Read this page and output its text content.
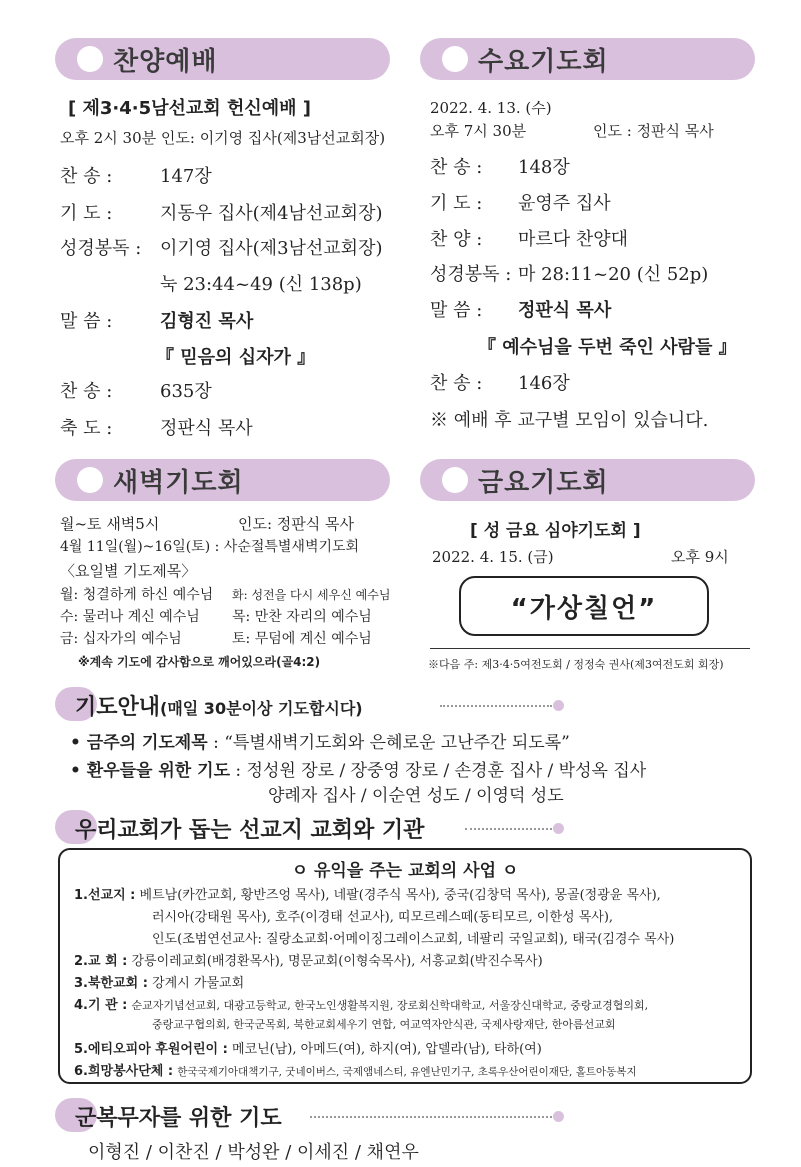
찬양예배
[ 제3·4·5남선교회 헌신예배 ]
오후 2시 30분 인도: 이기영 집사(제3남선교회장)
찬 송 :	147장
기 도 :	지동우 집사(제4남선교회장)
성경봉독 : 이기영 집사(제3남선교회장)
눅 23:44~49 (신 138p)
말 씀 :	김형진 목사
『 믿음의 십자가 』
찬 송 :	635장
축 도 :	정판식 목사
수요기도회
2022. 4. 13. (수)
오후 7시 30분	인도 : 정판식 목사
찬 송 : 148장
기 도 : 윤영주 집사
찬 양 : 마르다 찬양대
성경봉독 : 마 28:11~20 (신 52p)
말 씀 : 정판식 목사
『 예수님을 두번 죽인 사람들 』
찬 송 : 146장
※ 예배 후 교구별 모임이 있습니다.
새벽기도회
월~토 새벽5시	인도: 정판식 목사
4월 11일(월)~16일(토) : 사순절특별새벽기도회
〈요일별 기도제목〉
월: 청결하게 하신 예수님 화: 성전을 다시 세우신 예수님
수: 물러나 계신 예수님 목: 만찬 자리의 예수님
금: 십자가의 예수님	토: 무덤에 계신 예수님
※계속 기도에 감사함으로 깨어있으라(골4:2)
금요기도회
[ 성 금요 심야기도회 ]
2022. 4. 15. (금)	오후 9시
“가상칠언”
※다음 주: 제3·4·5여전도회 / 정정숙 권사(제3여전도회 회장)
기도안내(매일 30분이상 기도합시다)
• 금주의 기도제목 : “특별새벽기도회와 은혜로운 고난주간 되도록”
• 환우들을 위한 기도 : 정성원 장로 / 장중영 장로 / 손경훈 집사 / 박성옥 집사
양례자 집사 / 이순연 성도 / 이영덕 성도
우리교회가 돕는 선교지 교회와 기관
ㅇ 유익을 주는 교회의 사업 ㅇ
1.선교지 : 베트남(카깐교회, 황반즈엉 목사), 네팔(경주식 목사), 중국(김창덕 목사), 몽골(정광윤 목사),
러시아(강태원 목사), 호주(이경태 선교사), 띠모르레스떼(동티모르, 이한성 목사),
인도(조범연선교사: 질랑소교회·어메이징그레이스교회, 네팔리 국일교회), 태국(김경수 목사)
2.교 회 : 강릉이레교회(배경환목사), 명문교회(이형숙목사), 서흥교회(박진수목사)
3.북한교회 : 강계시 가물교회
4.기 관 : 순교자기념선교회, 대광고등학교, 한국노인생활복지원, 장로회신학대학교, 서울장신대학교, 중랑교경협의회,
중랑교구협의회, 한국군목회, 북한교회세우기 연합, 여교역자안식관, 국제사랑재단, 한아름선교회
5.에티오피아 후원어린이 : 메코닌(남), 아메드(여), 하지(여), 압델라(남), 타하(여)
6.희망봉사단체 : 한국국제기아대책기구, 굿네이버스, 국제앰네스티, 유엔난민기구, 초록우산어린이재단, 홀트아동복지
군복무자를 위한 기도
이형진 / 이찬진 / 박성완 / 이세진 / 채연우
